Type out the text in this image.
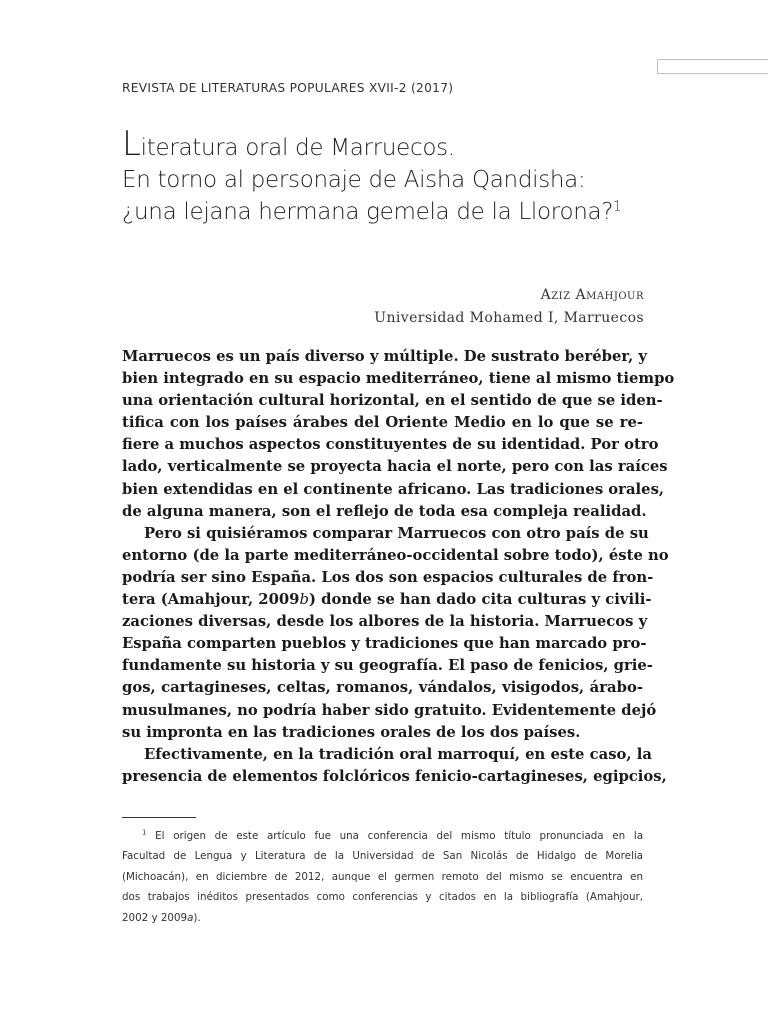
REVISTA DE LITERATURAS POPULARES XVII-2 (2017)
Literatura oral de Marruecos.
En torno al personaje de Aisha Qandisha:
¿una lejana hermana gemela de la Llorona?$^1$
Aziz Amahjour
Universidad Mohamed I, Marruecos
Marruecos es un país diverso y múltiple. De sustrato beréber, y
bien integrado en su espacio mediterráneo, tiene al mismo tiempo
una orientación cultural horizontal, en el sentido de que se iden-
tifica con los países árabes del Oriente Medio en lo que se re-
fiere a muchos aspectos constituyentes de su identidad. Por otro
lado, verticalmente se proyecta hacia el norte, pero con las raíces
bien extendidas en el continente africano. Las tradiciones orales,
de alguna manera, son el reflejo de toda esa compleja realidad.
Pero si quisiéramos comparar Marruecos con otro país de su
entorno (de la parte mediterráneo-occidental sobre todo), éste no
podría ser sino España. Los dos son espacios culturales de fron-
tera (Amahjour, 2009b) donde se han dado cita culturas y civili-
zaciones diversas, desde los albores de la historia. Marruecos y
España comparten pueblos y tradiciones que han marcado pro-
fundamente su historia y su geografía. El paso de fenicios, grie-
gos, cartagineses, celtas, romanos, vándalos, visigodos, árabo-
musulmanes, no podría haber sido gratuito. Evidentemente dejó
su impronta en las tradiciones orales de los dos países.
Efectivamente, en la tradición oral marroquí, en este caso, la
presencia de elementos folclóricos fenicio-cartagineses, egipcios,
$^1$ El origen de este artículo fue una conferencia del mismo título pronunciada en la
Facultad de Lengua y Literatura de la Universidad de San Nicolás de Hidalgo de Morelia
(Michoacán), en diciembre de 2012, aunque el germen remoto del mismo se encuentra en
dos trabajos inéditos presentados como conferencias y citados en la bibliografía (Amahjour,
2002 y 2009a).
